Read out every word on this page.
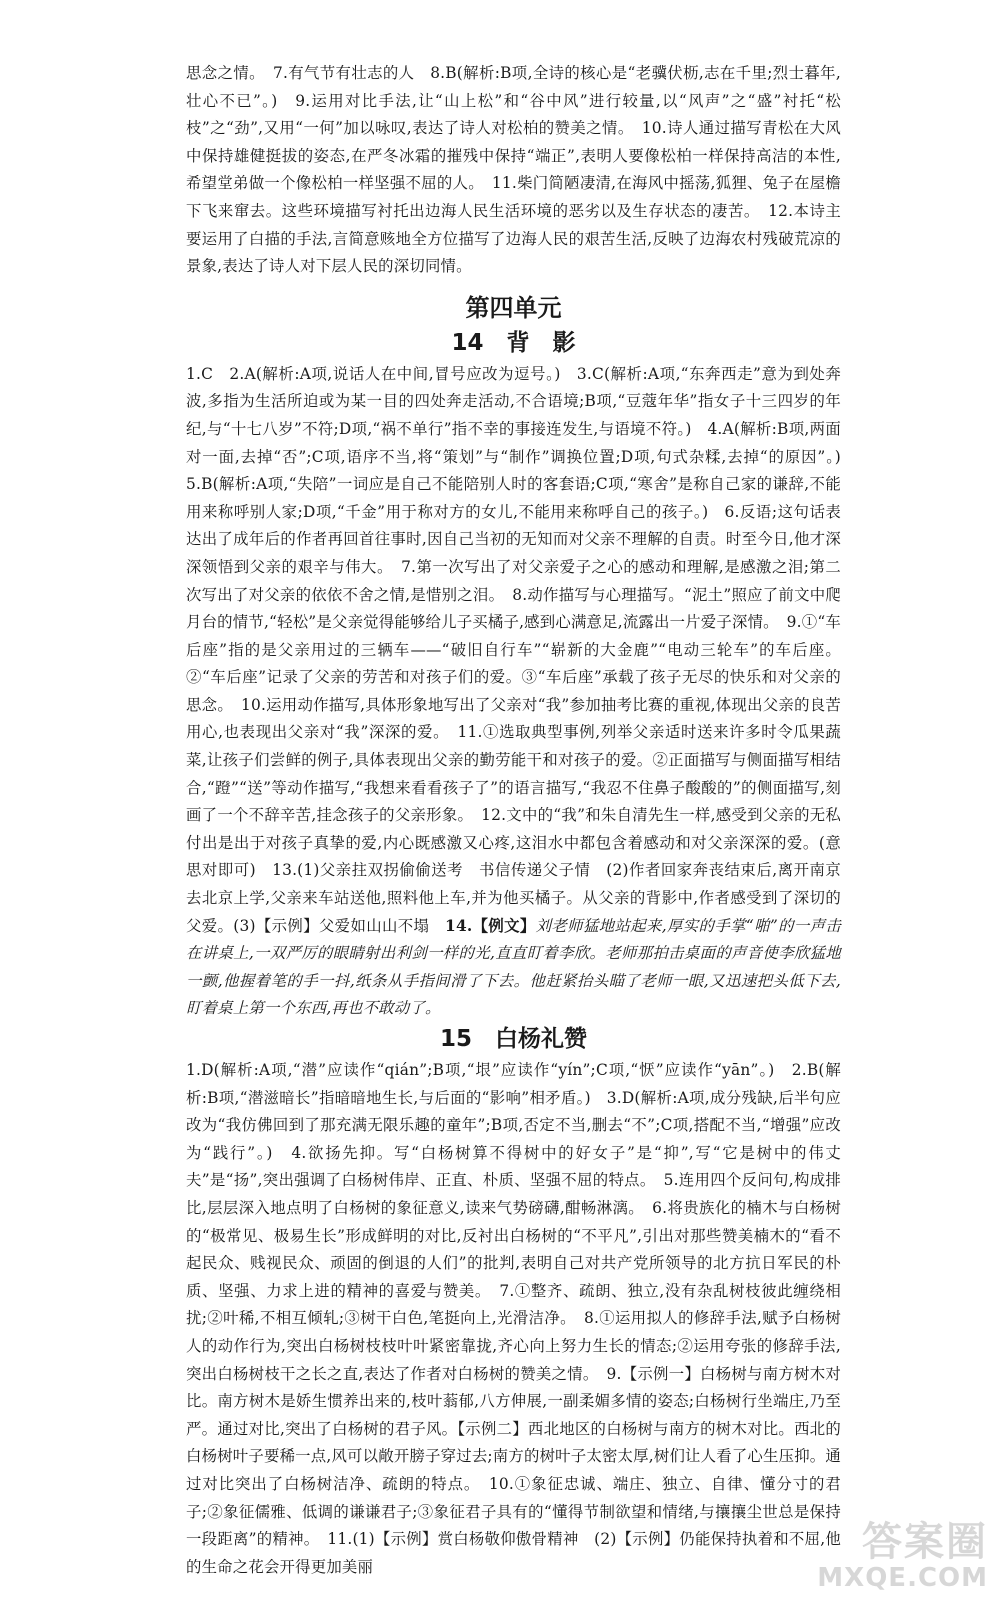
思念之情。　7.有气节有壮志的人　8.B(解析:B项,全诗的核心是“老骥伏枥,志在千里;烈士暮年,壮心不已”。)　9.运用对比手法,让“山上松”和“谷中风”进行较量,以“风声”之“盛”衬托“松枝”之“劲”,又用“一何”加以咏叹,表达了诗人对松柏的赞美之情。　10.诗人通过描写青松在大风中保持雄健挺拔的姿态,在严冬冰霜的摧残中保持“端正”,表明人要像松柏一样保持高洁的本性,希望堂弟做一个像松柏一样坚强不屈的人。　11.柴门简陋凄清,在海风中摇荡,狐狸、兔子在屋檐下飞来窜去。这些环境描写衬托出边海人民生活环境的恶劣以及生存状态的凄苦。　12.本诗主要运用了白描的手法,言简意赅地全方位描写了边海人民的艰苦生活,反映了边海农村残破荒凉的景象,表达了诗人对下层人民的深切同情。

第四单元
14　背　影

1.C　2.A(解析:A项,说话人在中间,冒号应改为逗号。)　3.C(解析:A项,“东奔西走”意为到处奔波,多指为生活所迫或为某一目的四处奔走活动,不合语境;B项,“豆蔻年华”指女子十三四岁的年纪,与“十七八岁”不符;D项,“祸不单行”指不幸的事接连发生,与语境不符。)　4.A(解析:B项,两面对一面,去掉“否”;C项,语序不当,将“策划”与“制作”调换位置;D项,句式杂糅,去掉“的原因”。)　5.B(解析:A项,“失陪”一词应是自己不能陪别人时的客套语;C项,“寒舍”是称自己家的谦辞,不能用来称呼别人家;D项,“千金”用于称对方的女儿,不能用来称呼自己的孩子。)　6.反语;这句话表达出了成年后的作者再回首往事时,因自己当初的无知而对父亲不理解的自责。时至今日,他才深深领悟到父亲的艰辛与伟大。　7.第一次写出了对父亲爱子之心的感动和理解,是感激之泪;第二次写出了对父亲的依依不舍之情,是惜别之泪。　8.动作描写与心理描写。“泥土”照应了前文中爬月台的情节,“轻松”是父亲觉得能够给儿子买橘子,感到心满意足,流露出一片爱子深情。　9.①“车后座”指的是父亲用过的三辆车——“破旧自行车”“崭新的大金鹿”“电动三轮车”的车后座。②“车后座”记录了父亲的劳苦和对孩子们的爱。③“车后座”承载了孩子无尽的快乐和对父亲的思念。　10.运用动作描写,具体形象地写出了父亲对“我”参加抽考比赛的重视,体现出父亲的良苦用心,也表现出父亲对“我”深深的爱。　11.①选取典型事例,列举父亲适时送来许多时令瓜果蔬菜,让孩子们尝鲜的例子,具体表现出父亲的勤劳能干和对孩子的爱。②正面描写与侧面描写相结合,“蹬”“送”等动作描写,“我想来看看孩子了”的语言描写,“我忍不住鼻子酸酸的”的侧面描写,刻画了一个不辞辛苦,挂念孩子的父亲形象。　12.文中的“我”和朱自清先生一样,感受到父亲的无私付出是出于对孩子真挚的爱,内心既感激又心疼,这泪水中都包含着感动和对父亲深深的爱。(意思对即可)　13.(1)父亲拄双拐偷偷送考　书信传递父子情　(2)作者回家奔丧结束后,离开南京去北京上学,父亲来车站送他,照料他上车,并为他买橘子。从父亲的背影中,作者感受到了深切的父爱。(3)【示例】父爱如山山不塌　14.【例文】刘老师猛地站起来,厚实的手掌“啪”的一声击在讲桌上,一双严厉的眼睛射出利剑一样的光,直直盯着李欣。老师那拍击桌面的声音使李欣猛地一颤,他握着笔的手一抖,纸条从手指间滑了下去。他赶紧抬头瞄了老师一眼,又迅速把头低下去,盯着桌上第一个东西,再也不敢动了。

15　白杨礼赞

1.D(解析:A项,“潜”应读作“qián”;B项,“垠”应读作“yín”;C项,“恹”应读作“yān”。)　2.B(解析:B项,“潜滋暗长”指暗暗地生长,与后面的“影响”相矛盾。)　3.D(解析:A项,成分残缺,后半句应改为“我仿佛回到了那充满无限乐趣的童年”;B项,否定不当,删去“不”;C项,搭配不当,“增强”应改为“践行”。)　4.欲扬先抑。写“白杨树算不得树中的好女子”是“抑”,写“它是树中的伟丈夫”是“扬”,突出强调了白杨树伟岸、正直、朴质、坚强不屈的特点。　5.连用四个反问句,构成排比,层层深入地点明了白杨树的象征意义,读来气势磅礴,酣畅淋漓。　6.将贵族化的楠木与白杨树的“极常见、极易生长”形成鲜明的对比,反衬出白杨树的“不平凡”,引出对那些赞美楠木的“看不起民众、贱视民众、顽固的倒退的人们”的批判,表明自己对共产党所领导的北方抗日军民的朴质、坚强、力求上进的精神的喜爱与赞美。　7.①整齐、疏朗、独立,没有杂乱树枝彼此缠绕相扰;②叶稀,不相互倾轧;③树干白色,笔挺向上,光滑洁净。　8.①运用拟人的修辞手法,赋予白杨树人的动作行为,突出白杨树枝枝叶叶紧密靠拢,齐心向上努力生长的情态;②运用夸张的修辞手法,突出白杨树枝干之长之直,表达了作者对白杨树的赞美之情。　9.【示例一】白杨树与南方树木对比。南方树木是娇生惯养出来的,枝叶蓊郁,八方伸展,一副柔媚多情的姿态;白杨树行坐端庄,乃至严。通过对比,突出了白杨树的君子风。【示例二】西北地区的白杨树与南方的树木对比。西北的白杨树叶子要稀一点,风可以敞开膀子穿过去;南方的树叶子太密太厚,树们让人看了心生压抑。通过对比突出了白杨树洁净、疏朗的特点。　10.①象征忠诚、端庄、独立、自律、懂分寸的君子;②象征儒雅、低调的谦谦君子;③象征君子具有的“懂得节制欲望和情绪,与攘攘尘世总是保持一段距离”的精神。　11.(1)【示例】赏白杨敬仰傲骨精神　(2)【示例】仍能保持执着和不屈,他的生命之花会开得更加美丽

答案圈
MXQE.COM
